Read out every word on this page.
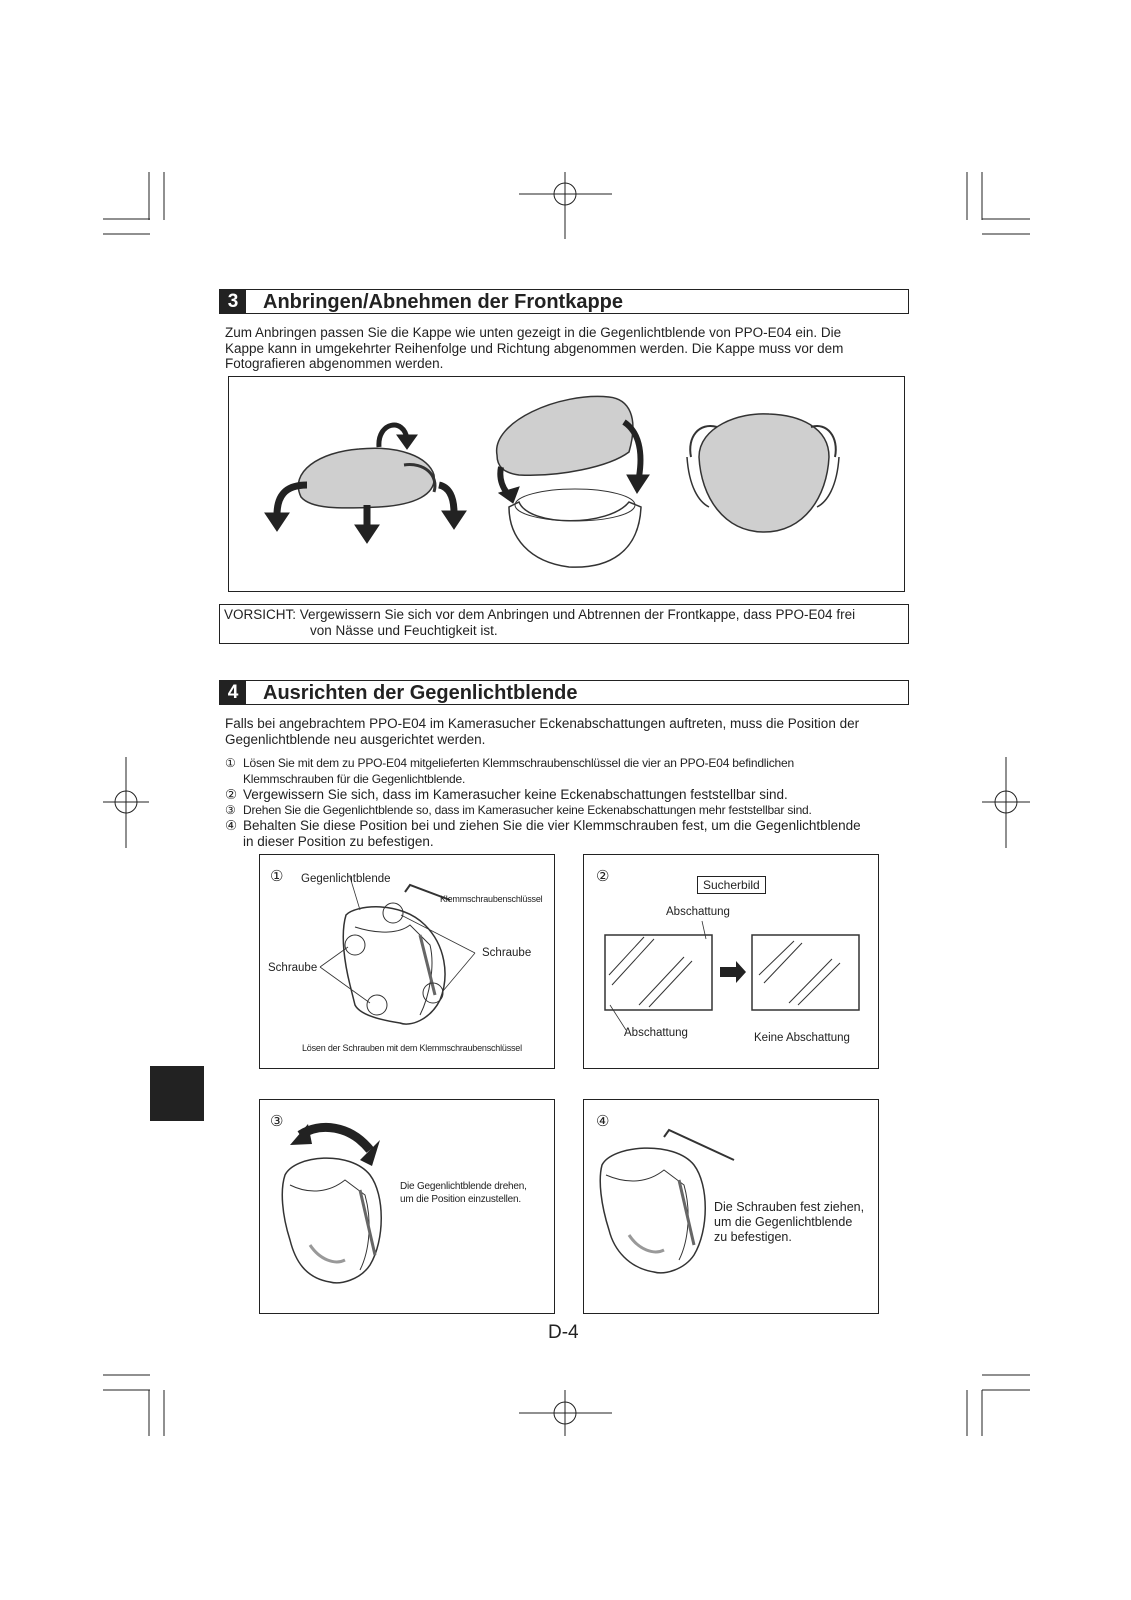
3	Anbringen/Abnehmen der Frontkappe
Zum Anbringen passen Sie die Kappe wie unten gezeigt in die Gegenlichtblende von PPO-E04 ein. Die
Kappe kann in umgekehrter Reihenfolge und Richtung abgenommen werden. Die Kappe muss vor dem
Fotografieren abgenommen werden.
VORSICHT: Vergewissern Sie sich vor dem Anbringen und Abtrennen der Frontkappe, dass PPO-E04 frei
von Nässe und Feuchtigkeit ist.
4	Ausrichten der Gegenlichtblende
Falls bei angebrachtem PPO-E04 im Kamerasucher Eckenabschattungen auftreten, muss die Position der
Gegenlichtblende neu ausgerichtet werden.
① Lösen Sie mit dem zu PPO-E04 mitgelieferten Klemmschraubenschlüssel die vier an PPO-E04 befindlichen
Klemmschrauben für die Gegenlichtblende.
② Vergewissern Sie sich, dass im Kamerasucher keine Eckenabschattungen feststellbar sind.
③ Drehen Sie die Gegenlichtblende so, dass im Kamerasucher keine Eckenabschattungen mehr feststellbar sind.
④ Behalten Sie diese Position bei und ziehen Sie die vier Klemmschrauben fest, um die Gegenlichtblende
in dieser Position zu befestigen.
① Gegenlichtblende
Klemmschraubenschlüssel
Schraube
Schraube
Lösen der Schrauben mit dem Klemmschraubenschlüssel
②	Sucherbild
Abschattung
Abschattung	Keine Abschattung
③
Die Gegenlichtblende drehen,
um die Position einzustellen.
④
Die Schrauben fest ziehen,
um die Gegenlichtblende
zu befestigen.
D-4
